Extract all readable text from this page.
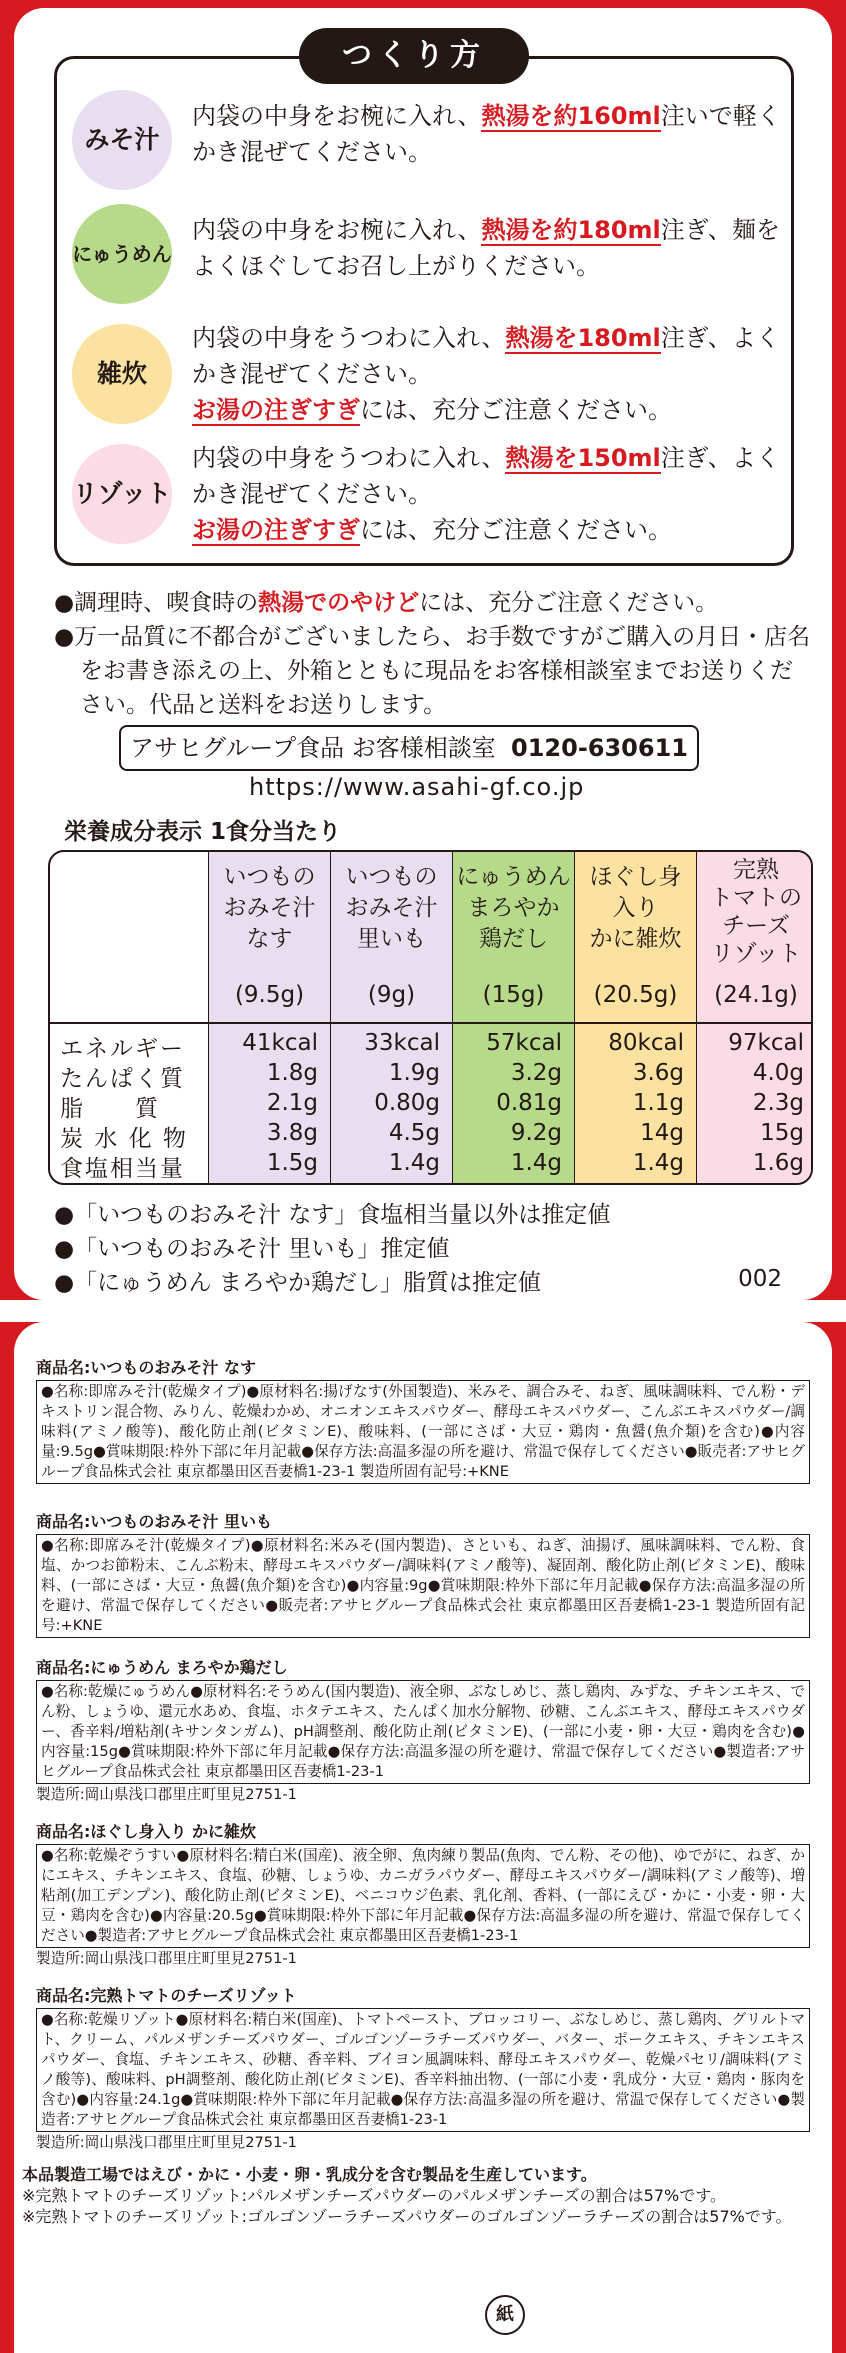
つくり方
みそ汁
内袋の中身をお椀に入れ、熱湯を約160ml注いで軽くかき混ぜてください。
にゅうめん
内袋の中身をお椀に入れ、熱湯を約180ml注ぎ、麺をよくほぐしてお召し上がりください。
雑炊
内袋の中身をうつわに入れ、熱湯を180ml注ぎ、よくかき混ぜてください。
お湯の注ぎすぎには、充分ご注意ください。
リゾット
内袋の中身をうつわに入れ、熱湯を150ml注ぎ、よくかき混ぜてください。
お湯の注ぎすぎには、充分ご注意ください。
●調理時、喫食時の熱湯でのやけどには、充分ご注意ください。
●万一品質に不都合がございましたら、お手数ですがご購入の月日・店名をお書き添えの上、外箱とともに現品をお客様相談室までお送りください。代品と送料をお送りします。
アサヒグループ食品 お客様相談室 0120-630611
https://www.asahi-gf.co.jp
栄養成分表示 1食分当たり
いつもの
おみそ汁
なす
(9.5g)
いつもの
おみそ汁
里いも
(9g)
にゅうめん
まろやか
鶏だし
(15g)
ほぐし身
入り
かに雑炊
(20.5g)
完熟
トマトの
チーズ
リゾット
(24.1g)
エネルギー
たんぱく質
脂　　質
炭 水 化 物
食塩相当量
41kcal
1.8g
2.1g
3.8g
1.5g
33kcal
1.9g
0.80g
4.5g
1.4g
57kcal
3.2g
0.81g
9.2g
1.4g
80kcal
3.6g
1.1g
14g
1.4g
97kcal
4.0g
2.3g
15g
1.6g
●「いつものおみそ汁 なす」食塩相当量以外は推定値
●「いつものおみそ汁 里いも」推定値
●「にゅうめん まろやか鶏だし」脂質は推定値	002
商品名:いつものおみそ汁 なす
●名称:即席みそ汁(乾燥タイプ)●原材料名:揚げなす(外国製造)、米みそ、調合みそ、ねぎ、風味調味料、でん粉・デキストリン混合物、みりん、乾燥わかめ、オニオンエキスパウダー、酵母エキスパウダー、こんぶエキスパウダー/調味料(アミノ酸等)、酸化防止剤(ビタミンE)、酸味料、(一部にさば・大豆・鶏肉・魚醤(魚介類)を含む)●内容量:9.5g●賞味期限:枠外下部に年月記載●保存方法:高温多湿の所を避け、常温で保存してください●販売者:アサヒグループ食品株式会社 東京都墨田区吾妻橋1-23-1 製造所固有記号:+KNE
商品名:いつものおみそ汁 里いも
●名称:即席みそ汁(乾燥タイプ)●原材料名:米みそ(国内製造)、さといも、ねぎ、油揚げ、風味調味料、でん粉、食塩、かつお節粉末、こんぶ粉末、酵母エキスパウダー/調味料(アミノ酸等)、凝固剤、酸化防止剤(ビタミンE)、酸味料、(一部にさば・大豆・魚醤(魚介類)を含む)●内容量:9g●賞味期限:枠外下部に年月記載●保存方法:高温多湿の所を避け、常温で保存してください●販売者:アサヒグループ食品株式会社 東京都墨田区吾妻橋1-23-1 製造所固有記号:+KNE
商品名:にゅうめん まろやか鶏だし
●名称:乾燥にゅうめん●原材料名:そうめん(国内製造)、液全卵、ぶなしめじ、蒸し鶏肉、みずな、チキンエキス、でん粉、しょうゆ、還元水あめ、食塩、ホタテエキス、たんぱく加水分解物、砂糖、こんぶエキス、酵母エキスパウダー、香辛料/増粘剤(キサンタンガム)、pH調整剤、酸化防止剤(ビタミンE)、(一部に小麦・卵・大豆・鶏肉を含む)●内容量:15g●賞味期限:枠外下部に年月記載●保存方法:高温多湿の所を避け、常温で保存してください●製造者:アサヒグループ食品株式会社 東京都墨田区吾妻橋1-23-1
製造所:岡山県浅口郡里庄町里見2751-1
商品名:ほぐし身入り かに雑炊
●名称:乾燥ぞうすい●原材料名:精白米(国産)、液全卵、魚肉練り製品(魚肉、でん粉、その他)、ゆでがに、ねぎ、かにエキス、チキンエキス、食塩、砂糖、しょうゆ、カニガラパウダー、酵母エキスパウダー/調味料(アミノ酸等)、増粘剤(加工デンプン)、酸化防止剤(ビタミンE)、ベニコウジ色素、乳化剤、香料、(一部にえび・かに・小麦・卵・大豆・鶏肉を含む)●内容量:20.5g●賞味期限:枠外下部に年月記載●保存方法:高温多湿の所を避け、常温で保存してください●製造者:アサヒグループ食品株式会社 東京都墨田区吾妻橋1-23-1
製造所:岡山県浅口郡里庄町里見2751-1
商品名:完熟トマトのチーズリゾット
●名称:乾燥リゾット●原材料名:精白米(国産)、トマトペースト、ブロッコリー、ぶなしめじ、蒸し鶏肉、グリルトマト、クリーム、パルメザンチーズパウダー、ゴルゴンゾーラチーズパウダー、バター、ポークエキス、チキンエキスパウダー、食塩、チキンエキス、砂糖、香辛料、ブイヨン風調味料、酵母エキスパウダー、乾燥パセリ/調味料(アミノ酸等)、酸味料、pH調整剤、酸化防止剤(ビタミンE)、香辛料抽出物、(一部に小麦・乳成分・大豆・鶏肉・豚肉を含む)●内容量:24.1g●賞味期限:枠外下部に年月記載●保存方法:高温多湿の所を避け、常温で保存してください●製造者:アサヒグループ食品株式会社 東京都墨田区吾妻橋1-23-1
製造所:岡山県浅口郡里庄町里見2751-1
本品製造工場ではえび・かに・小麦・卵・乳成分を含む製品を生産しています。
※完熟トマトのチーズリゾット:パルメザンチーズパウダーのパルメザンチーズの割合は57%です。
※完熟トマトのチーズリゾット:ゴルゴンゾーラチーズパウダーのゴルゴンゾーラチーズの割合は57%です。
紙
